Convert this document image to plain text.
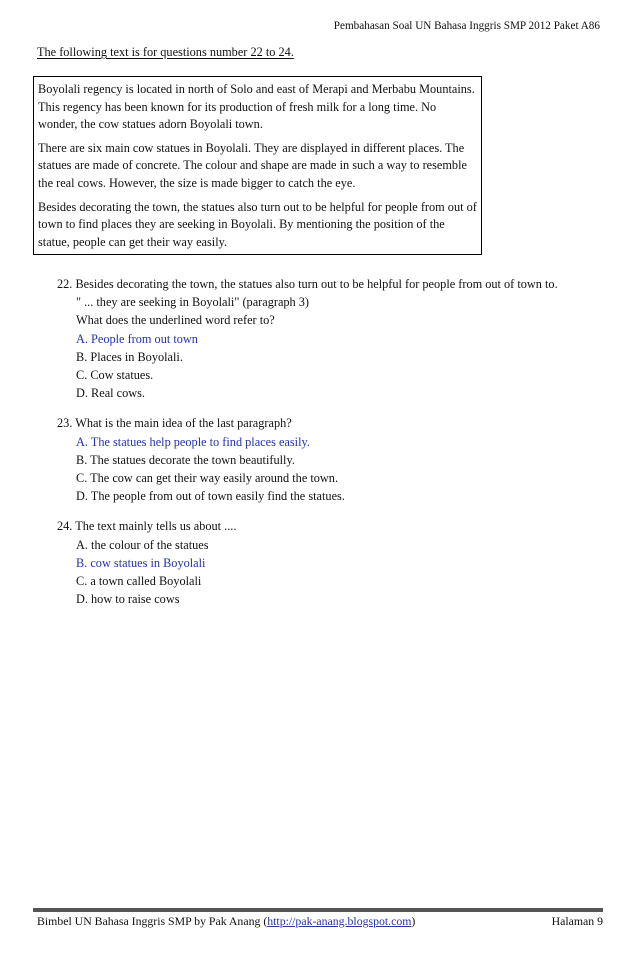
Pembahasan Soal UN Bahasa Inggris SMP 2012 Paket A86
The following text is for questions number 22 to 24.

Boyolali regency is located in north of Solo and east of Merapi and Merbabu Mountains. This regency has been known for its production of fresh milk for a long time. No wonder, the cow statues adorn Boyolali town.

There are six main cow statues in Boyolali. They are displayed in different places. The statues are made of concrete. The colour and shape are made in such a way to resemble the real cows. However, the size is made bigger to catch the eye.

Besides decorating the town, the statues also turn out to be helpful for people from out of town to find places they are seeking in Boyolali. By mentioning the position of the statue, people can get their way easily.

22. Besides decorating the town, the statues also turn out to be helpful for people from out of town to.
" ... they are seeking in Boyolali" (paragraph 3)
What does the underlined word refer to?
A. People from out town
B. Places in Boyolali.
C. Cow statues.
D. Real cows.
23. What is the main idea of the last paragraph?
A. The statues help people to find places easily.
B. The statues decorate the town beautifully.
C. The cow can get their way easily around the town.
D. The people from out of town easily find the statues.
24. The text mainly tells us about ....
A. the colour of the statues
B. cow statues in Boyolali
C. a town called Boyolali
D. how to raise cows
Bimbel UN Bahasa Inggris SMP by Pak Anang (http://pak-anang.blogspot.com)	Halaman 9
